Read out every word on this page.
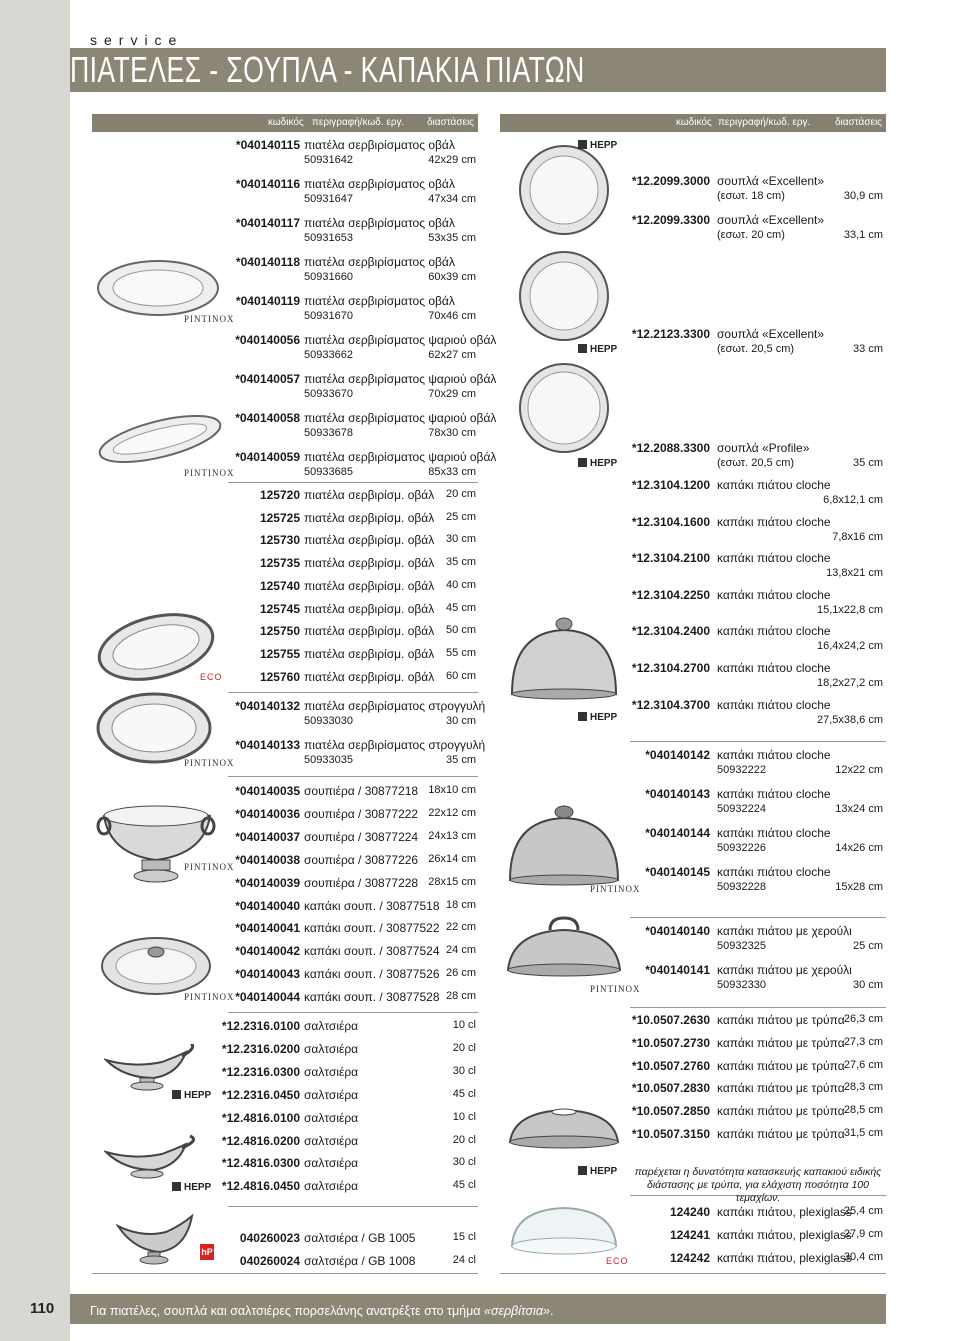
service
ΠΙΑΤΕΛΕΣ - ΣΟΥΠΛΑ - ΚΑΠΑΚΙΑ ΠΙΑΤΩΝ
κωδικός περιγραφή/κωδ. εργ. διαστάσεις	κωδικός περιγραφή/κωδ. εργ. διαστάσεις
PINTINOX
PINTINOX
ECO
PINTINOX
PINTINOX
PINTINOX
HEPP
HEPP
hP
HEPP
HEPP
HEPP
HEPP
PINTINOX
PINTINOX
HEPP
ECO
*040140115 πιατέλα σερβιρίσματος οβάλ
50931642	42x29 cm
*040140116 πιατέλα σερβιρίσματος οβάλ
50931647	47x34 cm
*040140117 πιατέλα σερβιρίσματος οβάλ
50931653	53x35 cm
*040140118 πιατέλα σερβιρίσματος οβάλ
50931660	60x39 cm
*040140119 πιατέλα σερβιρίσματος οβάλ
50931670	70x46 cm
*040140056 πιατέλα σερβιρίσματος ψαριού οβάλ
50933662	62x27 cm
*040140057 πιατέλα σερβιρίσματος ψαριού οβάλ
50933670	70x29 cm
*040140058 πιατέλα σερβιρίσματος ψαριού οβάλ
50933678	78x30 cm
*040140059 πιατέλα σερβιρίσματος ψαριού οβάλ
50933685	85x33 cm
125720 πιατέλα σερβιρίσμ. οβάλ	20 cm
125725 πιατέλα σερβιρίσμ. οβάλ	25 cm
125730 πιατέλα σερβιρίσμ. οβάλ	30 cm
125735 πιατέλα σερβιρίσμ. οβάλ	35 cm
125740 πιατέλα σερβιρίσμ. οβάλ	40 cm
125745 πιατέλα σερβιρίσμ. οβάλ	45 cm
125750 πιατέλα σερβιρίσμ. οβάλ	50 cm
125755 πιατέλα σερβιρίσμ. οβάλ	55 cm
125760 πιατέλα σερβιρίσμ. οβάλ	60 cm
*040140132 πιατέλα σερβιρίσματος στρογγυλή
50933030	30 cm
*040140133 πιατέλα σερβιρίσματος στρογγυλή
50933035	35 cm
*040140035 σουπιέρα / 30877218 18x10 cm
*040140036 σουπιέρα / 30877222 22x12 cm
*040140037 σουπιέρα / 30877224 24x13 cm
*040140038 σουπιέρα / 30877226 26x14 cm
*040140039 σουπιέρα / 30877228 28x15 cm
*040140040 καπάκι σουπ. / 30877518 18 cm
*040140041 καπάκι σουπ. / 30877522 22 cm
*040140042 καπάκι σουπ. / 30877524 24 cm
*040140043 καπάκι σουπ. / 30877526 26 cm
*040140044 καπάκι σουπ. / 30877528 28 cm
*12.2316.0100 σαλτσιέρα	10 cl
*12.2316.0200 σαλτσιέρα	20 cl
*12.2316.0300 σαλτσιέρα	30 cl
*12.2316.0450 σαλτσιέρα	45 cl
*12.4816.0100 σαλτσιέρα	10 cl
*12.4816.0200 σαλτσιέρα	20 cl
*12.4816.0300 σαλτσιέρα	30 cl
*12.4816.0450 σαλτσιέρα	45 cl
040260023 σαλτσιέρα / GB 1005	15 cl
040260024 σαλτσιέρα / GB 1008	24 cl
*12.2099.3000 σουπλά «Excellent»
(εσωτ. 18 cm)	30,9 cm
*12.2099.3300 σουπλά «Excellent»
(εσωτ. 20 cm)	33,1 cm
*12.2123.3300 σουπλά «Excellent»
(εσωτ. 20,5 cm)	33 cm
*12.2088.3300 σουπλά «Profile»
(εσωτ. 20,5 cm)	35 cm
*12.3104.1200 καπάκι πιάτου cloche
6,8x12,1 cm
*12.3104.1600 καπάκι πιάτου cloche
7,8x16 cm
*12.3104.2100 καπάκι πιάτου cloche
13,8x21 cm
*12.3104.2250 καπάκι πιάτου cloche
15,1x22,8 cm
*12.3104.2400 καπάκι πιάτου cloche
16,4x24,2 cm
*12.3104.2700 καπάκι πιάτου cloche
18,2x27,2 cm
*12.3104.3700 καπάκι πιάτου cloche
27,5x38,6 cm
*040140142 καπάκι πιάτου cloche
50932222	12x22 cm
*040140143 καπάκι πιάτου cloche
50932224	13x24 cm
*040140144 καπάκι πιάτου cloche
50932226	14x26 cm
*040140145 καπάκι πιάτου cloche
50932228	15x28 cm
*040140140 καπάκι πιάτου με χερούλι
50932325	25 cm
*040140141 καπάκι πιάτου με χερούλι
50932330	30 cm
*10.0507.2630 καπάκι πιάτου με τρύπα 26,3 cm
*10.0507.2730 καπάκι πιάτου με τρύπα 27,3 cm
*10.0507.2760 καπάκι πιάτου με τρύπα 27,6 cm
*10.0507.2830 καπάκι πιάτου με τρύπα 28,3 cm
*10.0507.2850 καπάκι πιάτου με τρύπα 28,5 cm
*10.0507.3150 καπάκι πιάτου με τρύπα 31,5 cm
124240 καπάκι πιάτου, plexiglass
25,4 cm
124241 καπάκι πιάτου, plexiglass
27,9 cm
124242 καπάκι πιάτου, plexiglass
30,4 cm
παρέχεται η δυνατότητα κατασκευής καπακιού ειδικής διάστασης με τρύπα, για ελάχιστη ποσότητα 100 τεμαχίων.
110	Για πιατέλες, σουπλά και σαλτσιέρες πορσελάνης ανατρέξτε στο τμήμα «σερβίτσια».
